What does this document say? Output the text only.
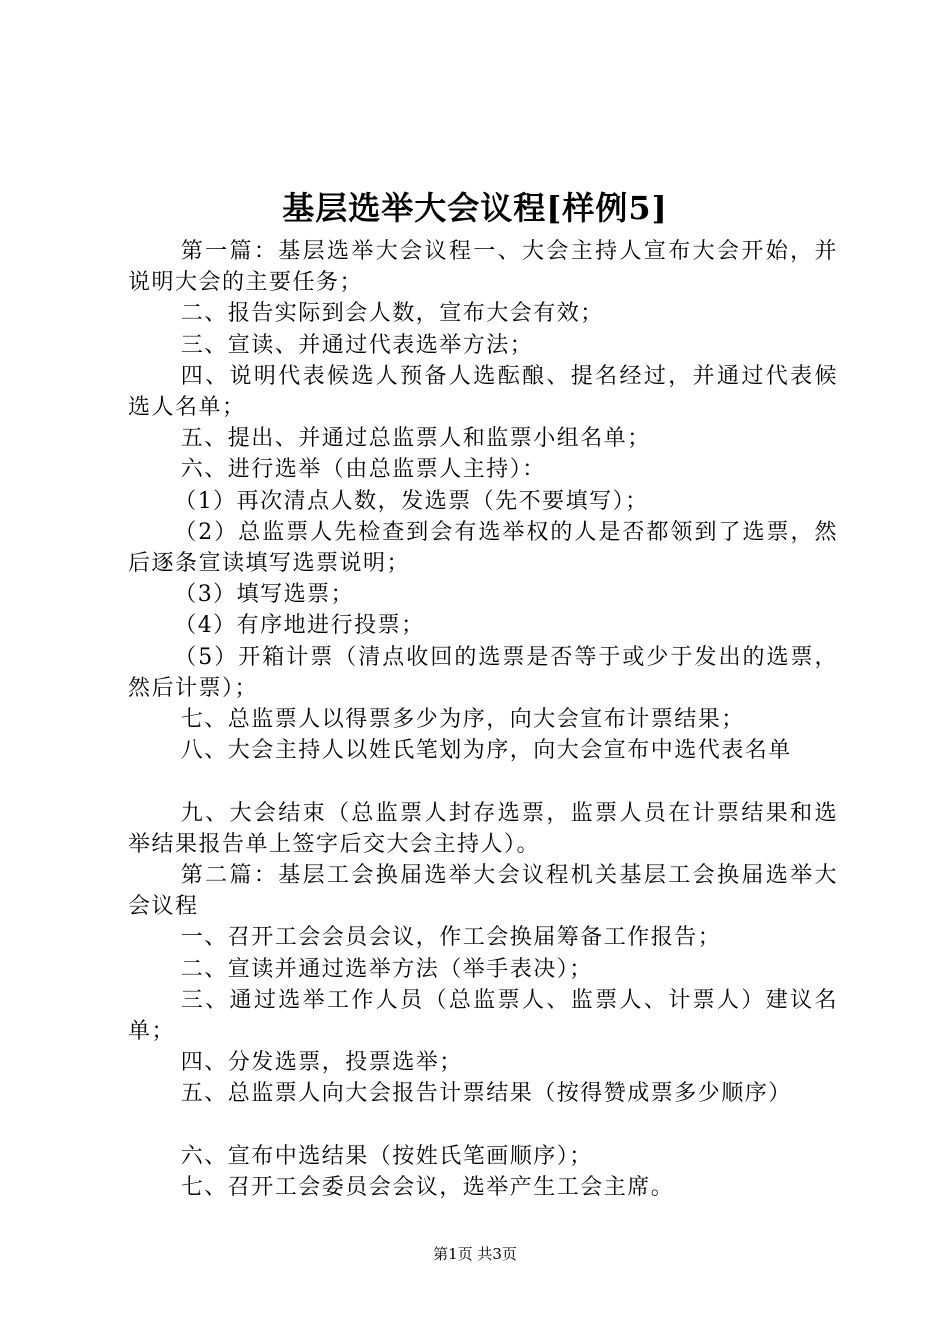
基层选举大会议程[样例5]

第一篇：基层选举大会议程一、大会主持人宣布大会开始，并说明大会的主要任务；

二、报告实际到会人数，宣布大会有效；

三、宣读、并通过代表选举方法；

四、说明代表候选人预备人选酝酿、提名经过，并通过代表候选人名单；

五、提出、并通过总监票人和监票小组名单；

六、进行选举（由总监票人主持）：

（1）再次清点人数，发选票（先不要填写）；

（2）总监票人先检查到会有选举权的人是否都领到了选票，然后逐条宣读填写选票说明；

（3）填写选票；

（4）有序地进行投票；

（5）开箱计票（清点收回的选票是否等于或少于发出的选票，然后计票）；

七、总监票人以得票多少为序，向大会宣布计票结果；

八、大会主持人以姓氏笔划为序，向大会宣布中选代表名单

九、大会结束（总监票人封存选票，监票人员在计票结果和选举结果报告单上签字后交大会主持人）。

第二篇：基层工会换届选举大会议程机关基层工会换届选举大会议程

一、召开工会会员会议，作工会换届筹备工作报告；

二、宣读并通过选举方法（举手表决）；

三、通过选举工作人员（总监票人、监票人、计票人）建议名单；

四、分发选票，投票选举；

五、总监票人向大会报告计票结果（按得赞成票多少顺序）

六、宣布中选结果（按姓氏笔画顺序）；

七、召开工会委员会会议，选举产生工会主席。

第1页 共3页
